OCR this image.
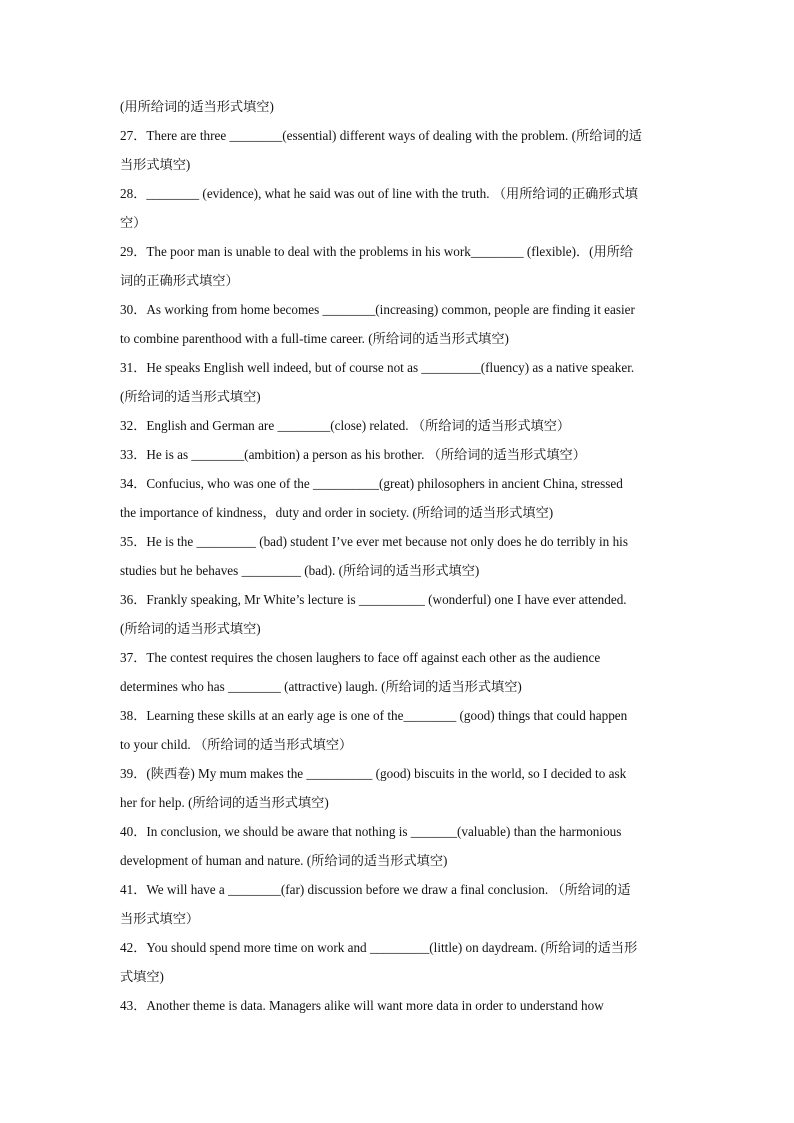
(用所给词的适当形式填空)
27．There are three ________(essential) different ways of dealing with the problem. (所给词的适
当形式填空)
28．________ (evidence), what he said was out of line with the truth. （用所给词的正确形式填
空）
29．The poor man is unable to deal with the problems in his work________ (flexible)．(用所给
词的正确形式填空）
30．As working from home becomes ________(increasing) common, people are finding it easier
to combine parenthood with a full-time career. (所给词的适当形式填空)
31．He speaks English well indeed, but of course not as _________(fluency) as a native speaker.
(所给词的适当形式填空)
32．English and German are ________(close) related. （所给词的适当形式填空）
33．He is as ________(ambition) a person as his brother. （所给词的适当形式填空）
34．Confucius, who was one of the __________(great) philosophers in ancient China, stressed
the importance of kindness，duty and order in society. (所给词的适当形式填空)
35．He is the _________ (bad) student I’ve ever met because not only does he do terribly in his
studies but he behaves _________ (bad). (所给词的适当形式填空)
36．Frankly speaking, Mr White’s lecture is __________ (wonderful) one I have ever attended.
(所给词的适当形式填空)
37．The contest requires the chosen laughers to face off against each other as the audience
determines who has ________ (attractive) laugh. (所给词的适当形式填空)
38．Learning these skills at an early age is one of the________ (good) things that could happen
to your child. （所给词的适当形式填空）
39．(陕西卷) My mum makes the __________ (good) biscuits in the world, so I decided to ask
her for help. (所给词的适当形式填空)
40．In conclusion, we should be aware that nothing is _______(valuable) than the harmonious
development of human and nature. (所给词的适当形式填空)
41．We will have a ________(far) discussion before we draw a final conclusion. （所给词的适
当形式填空）
42．You should spend more time on work and _________(little) on daydream. (所给词的适当形
式填空)
43．Another theme is data. Managers alike will want more data in order to understand how
